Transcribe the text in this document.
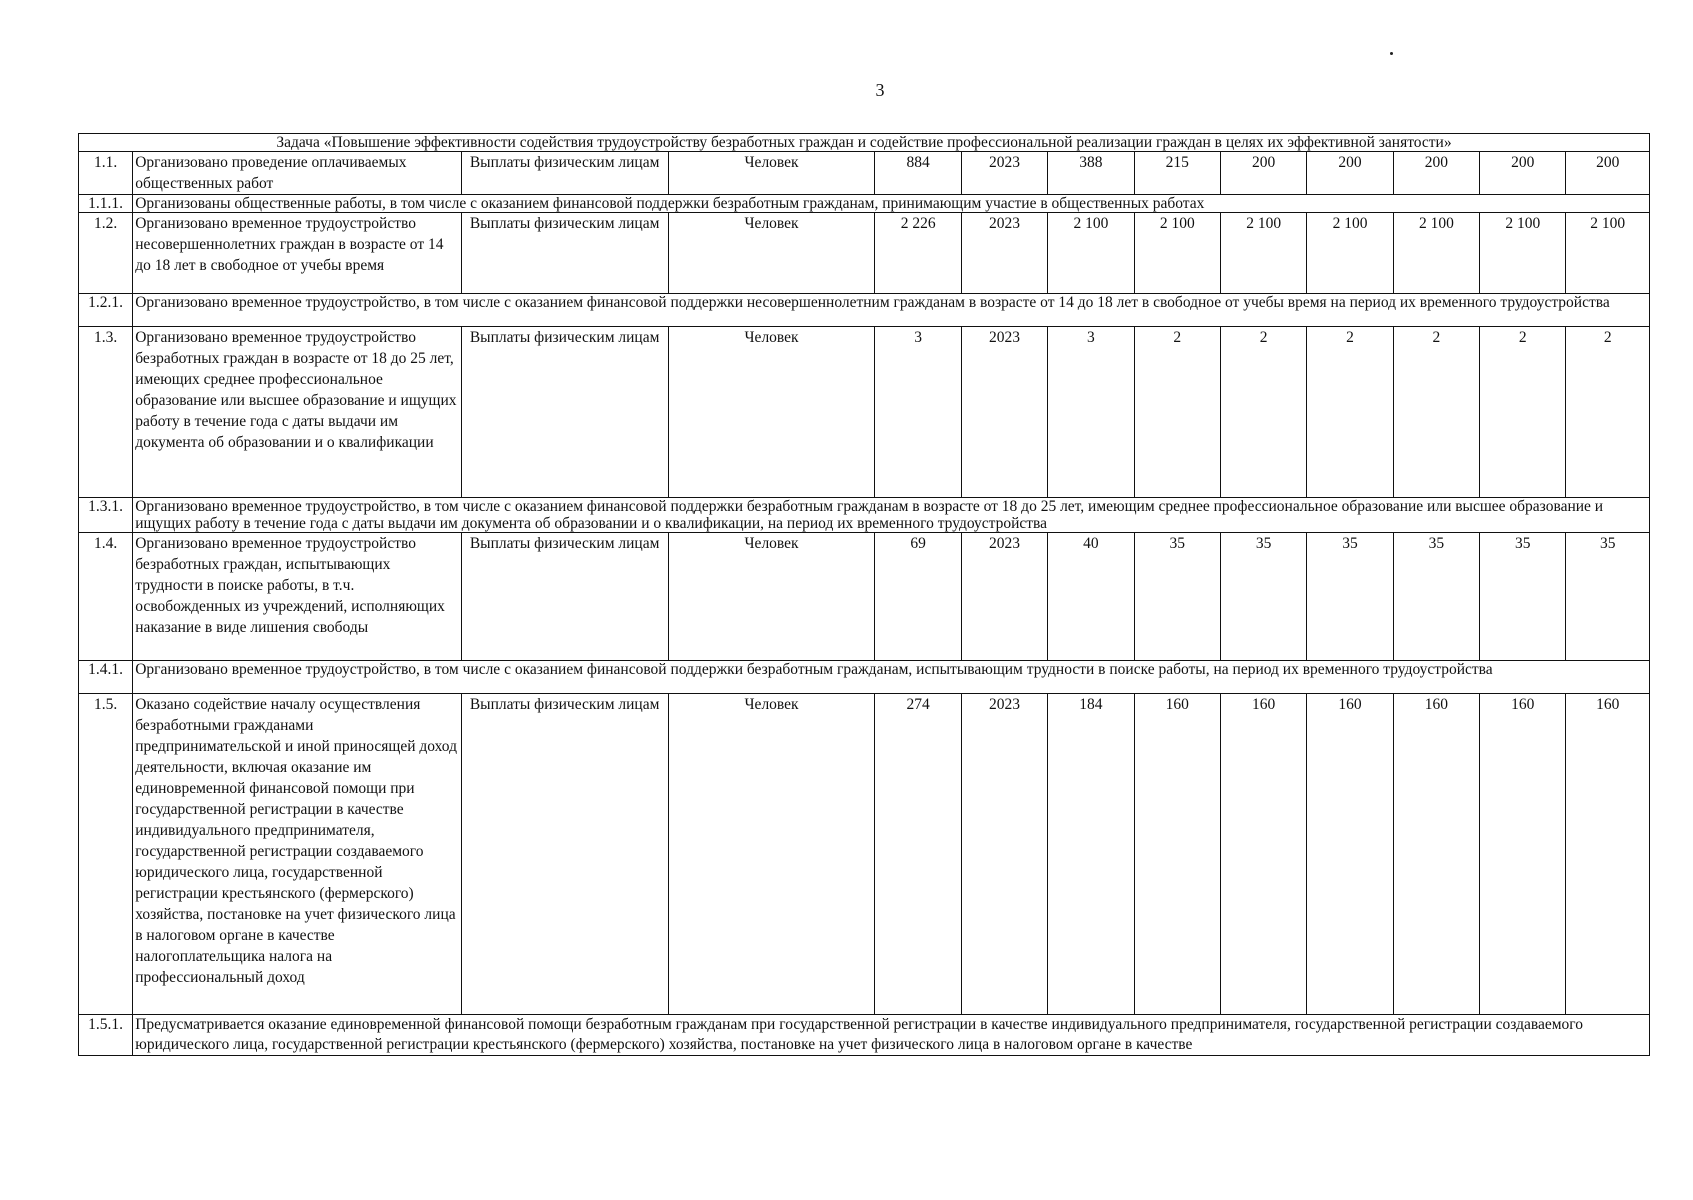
3
Задача «Повышение эффективности содействия трудоустройству безработных граждан и содействие профессиональной реализации граждан в целях их эффективной занятости»												
1.1.	Организовано проведение оплачиваемых общественных работ	Выплаты физическим лицам	Человек	884	2023	388	215	200	200	200	200	200
1.1.1.	Организованы общественные работы, в том числе с оказанием финансовой поддержки безработным гражданам, принимающим участие в общественных работах											
1.2.	Организовано временное трудоустройство несовершеннолетних граждан в возрасте от 14 до 18 лет в свободное от учебы время	Выплаты физическим лицам	Человек	2 226	2023	2 100	2 100	2 100	2 100	2 100	2 100	2 100
1.2.1.	Организовано временное трудоустройство, в том числе с оказанием финансовой поддержки несовершеннолетним гражданам в возрасте от 14 до 18 лет в свободное от учебы время на период их временного трудоустройства											
1.3.	Организовано временное трудоустройство безработных граждан в возрасте от 18 до 25 лет, имеющих среднее профессиональное образование или высшее образование и ищущих работу в течение года с даты выдачи им документа об образовании и о квалификации	Выплаты физическим лицам	Человек	3	2023	3	2	2	2	2	2	2
1.3.1.	Организовано временное трудоустройство, в том числе с оказанием финансовой поддержки безработным гражданам в возрасте от 18 до 25 лет, имеющим среднее профессиональное образование или высшее образование и ищущих работу в течение года с даты выдачи им документа об образовании и о квалификации, на период их временного трудоустройства											
1.4.	Организовано временное трудоустройство безработных граждан, испытывающих трудности в поиске работы, в т.ч. освобожденных из учреждений, исполняющих наказание в виде лишения свободы	Выплаты физическим лицам	Человек	69	2023	40	35	35	35	35	35	35
1.4.1.	Организовано временное трудоустройство, в том числе с оказанием финансовой поддержки безработным гражданам, испытывающим трудности в поиске работы, на период их временного трудоустройства											
1.5.	Оказано содействие началу осуществления безработными гражданами предпринимательской и иной приносящей доход деятельности, включая оказание им единовременной финансовой помощи при государственной регистрации в качестве индивидуального предпринимателя, государственной регистрации создаваемого юридического лица, государственной регистрации крестьянского (фермерского) хозяйства, постановке на учет физического лица в налоговом органе в качестве налогоплательщика налога на профессиональный доход	Выплаты физическим лицам	Человек	274	2023	184	160	160	160	160	160	160
1.5.1.	Предусматривается оказание единовременной финансовой помощи безработным гражданам при государственной регистрации в качестве индивидуального предпринимателя, государственной регистрации создаваемого юридического лица, государственной регистрации крестьянского (фермерского) хозяйства, постановке на учет физического лица в налоговом органе в качестве											
